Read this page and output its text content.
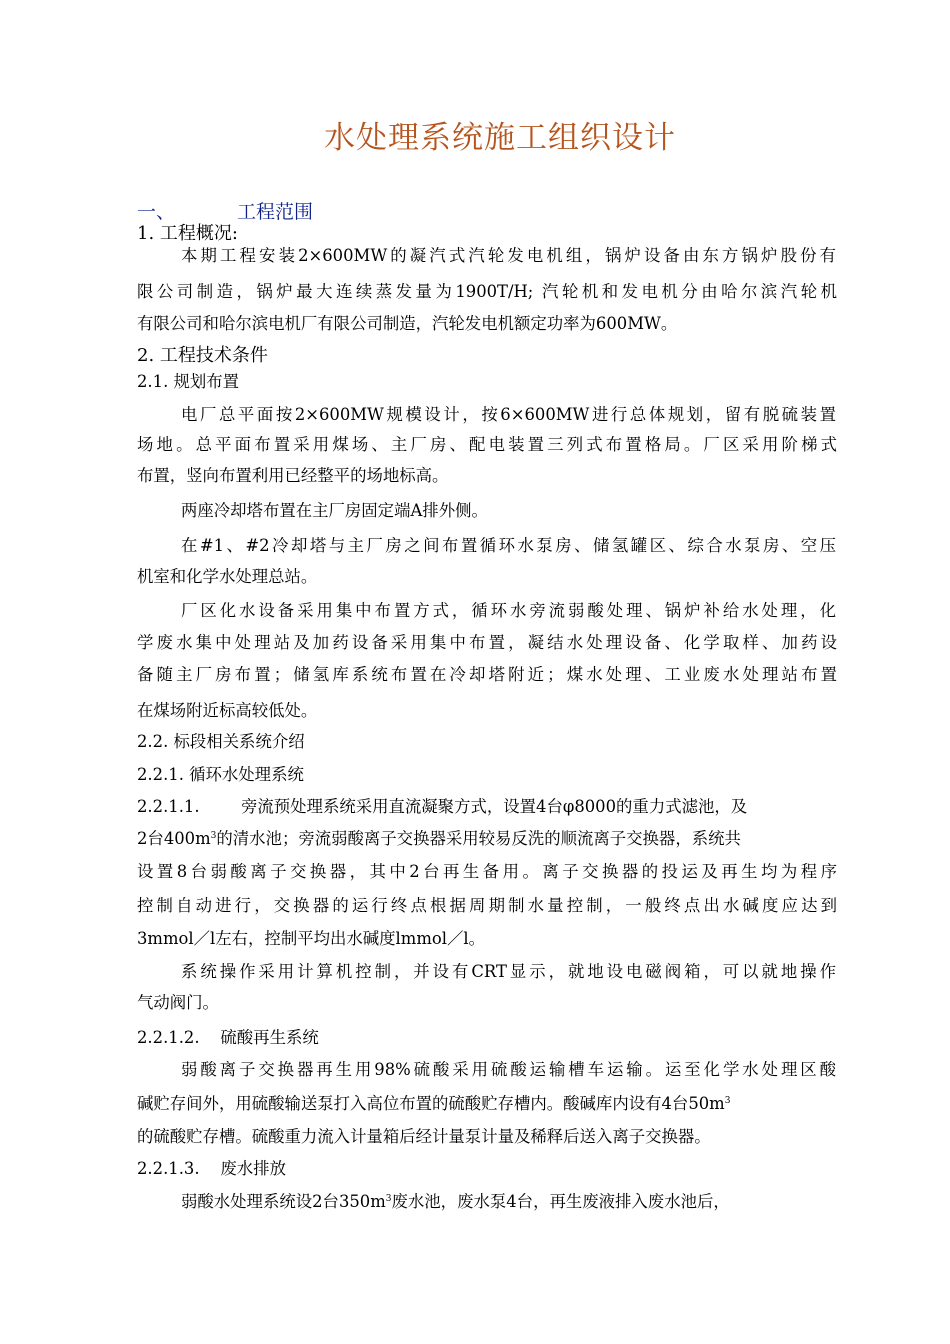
水处理系统施工组织设计
一、	工程范围
1. 工程概况:
本期工程安装2×600MW的凝汽式汽轮发电机组，锅炉设备由东方锅炉股份有
限公司制造，锅炉最大连续蒸发量为1900T/H; 汽轮机和发电机分由哈尔滨汽轮机
有限公司和哈尔滨电机厂有限公司制造，汽轮发电机额定功率为600MW。
2. 工程技术条件
2.1. 规划布置
电厂总平面按2×600MW规模设计，按6×600MW进行总体规划，留有脱硫装置
场地。总平面布置采用煤场、主厂房、配电装置三列式布置格局。厂区采用阶梯式
布置，竖向布置利用已经整平的场地标高。
两座冷却塔布置在主厂房固定端A排外侧。
在#1、#2冷却塔与主厂房之间布置循环水泵房、储氢罐区、综合水泵房、空压
机室和化学水处理总站。
厂区化水设备采用集中布置方式，循环水旁流弱酸处理、锅炉补给水处理，化
学废水集中处理站及加药设备采用集中布置，凝结水处理设备、化学取样、加药设
备随主厂房布置；储氢库系统布置在冷却塔附近；煤水处理、工业废水处理站布置
在煤场附近标高较低处。
2.2. 标段相关系统介绍
2.2.1. 循环水处理系统
2.2.1.1.	旁流预处理系统采用直流凝聚方式，设置4台φ8000的重力式滤池，及
2台$400m^3$的清水池；旁流弱酸离子交换器采用较易反洗的顺流离子交换器，系统共
设置8台弱酸离子交换器，其中2台再生备用。离子交换器的投运及再生均为程序
控制自动进行，交换器的运行终点根据周期制水量控制，一般终点出水碱度应达到
3mmol／l左右，控制平均出水碱度lmmol／l。
系统操作采用计算机控制，并设有CRT显示，就地设电磁阀箱，可以就地操作
气动阀门。
2.2.1.2.    硫酸再生系统
弱酸离子交换器再生用98%硫酸采用硫酸运输槽车运输。运至化学水处理区酸
碱贮存间外，用硫酸输送泵打入高位布置的硫酸贮存槽内。酸碱库内设有4台$50m^3$
的硫酸贮存槽。硫酸重力流入计量箱后经计量泵计量及稀释后送入离子交换器。
2.2.1.3.    废水排放
弱酸水处理系统设2台$350m^3$废水池，废水泵4台，再生废液排入废水池后，
